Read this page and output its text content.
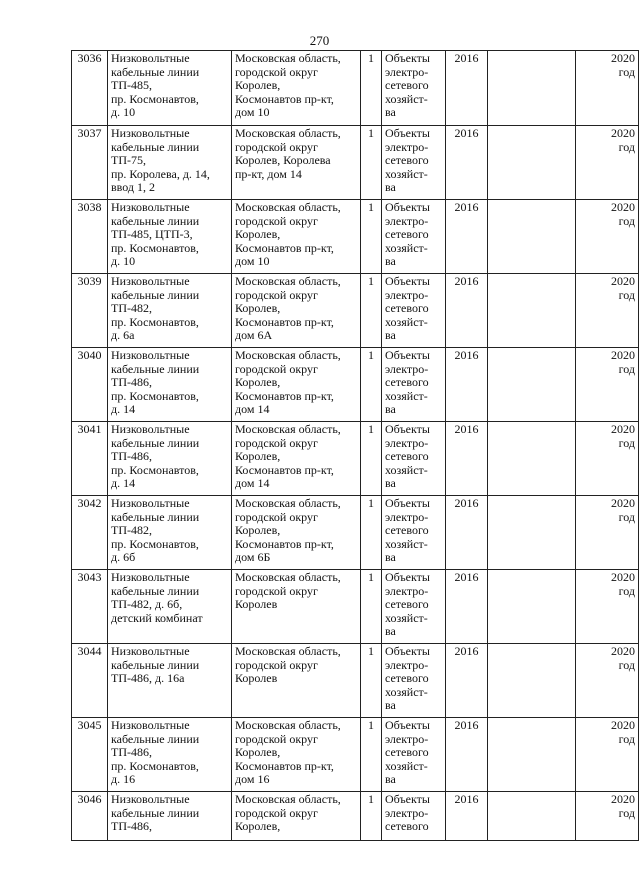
270
3036	Низковольтные
кабельные линии
ТП-485,
пр. Космонавтов,
д. 10	Московская область,
городской округ
Королев,
Космонавтов пр-кт,
дом 10	1	Объекты
электро-
сетевого
хозяйст-
ва	2016		2020
год
3037	Низковольтные
кабельные линии
ТП-75,
пр. Королева, д. 14,
ввод 1, 2	Московская область,
городской округ
Королев, Королева
пр-кт, дом 14	1	Объекты
электро-
сетевого
хозяйст-
ва	2016		2020
год
3038	Низковольтные
кабельные линии
ТП-485, ЦТП-3,
пр. Космонавтов,
д. 10	Московская область,
городской округ
Королев,
Космонавтов пр-кт,
дом 10	1	Объекты
электро-
сетевого
хозяйст-
ва	2016		2020
год
3039	Низковольтные
кабельные линии
ТП-482,
пр. Космонавтов,
д. 6а	Московская область,
городской округ
Королев,
Космонавтов пр-кт,
дом 6А	1	Объекты
электро-
сетевого
хозяйст-
ва	2016		2020
год
3040	Низковольтные
кабельные линии
ТП-486,
пр. Космонавтов,
д. 14	Московская область,
городской округ
Королев,
Космонавтов пр-кт,
дом 14	1	Объекты
электро-
сетевого
хозяйст-
ва	2016		2020
год
3041	Низковольтные
кабельные линии
ТП-486,
пр. Космонавтов,
д. 14	Московская область,
городской округ
Королев,
Космонавтов пр-кт,
дом 14	1	Объекты
электро-
сетевого
хозяйст-
ва	2016		2020
год
3042	Низковольтные
кабельные линии
ТП-482,
пр. Космонавтов,
д. 6б	Московская область,
городской округ
Королев,
Космонавтов пр-кт,
дом 6Б	1	Объекты
электро-
сетевого
хозяйст-
ва	2016		2020
год
3043	Низковольтные
кабельные линии
ТП-482, д. 6б,
детский комбинат	Московская область,
городской округ
Королев	1	Объекты
электро-
сетевого
хозяйст-
ва	2016		2020
год
3044	Низковольтные
кабельные линии
ТП-486, д. 16а	Московская область,
городской округ
Королев	1	Объекты
электро-
сетевого
хозяйст-
ва	2016		2020
год
3045	Низковольтные
кабельные линии
ТП-486,
пр. Космонавтов,
д. 16	Московская область,
городской округ
Королев,
Космонавтов пр-кт,
дом 16	1	Объекты
электро-
сетевого
хозяйст-
ва	2016		2020
год
3046	Низковольтные
кабельные линии
ТП-486,	Московская область,
городской округ
Королев,	1	Объекты
электро-
сетевого	2016		2020
год
